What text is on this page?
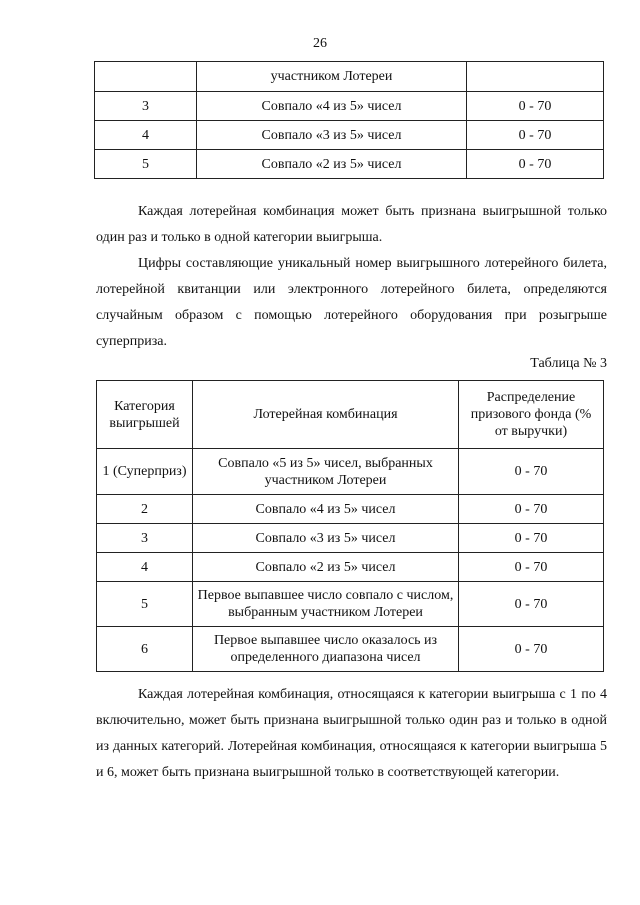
26
	участником Лотереи	
3	Совпало «4 из 5» чисел	0 - 70
4	Совпало «3 из 5» чисел	0 - 70
5	Совпало «2 из 5» чисел	0 - 70

Каждая лотерейная комбинация может быть признана выигрышной только один раз и только в одной категории выигрыша.

Цифры составляющие уникальный номер выигрышного лотерейного билета, лотерейной квитанции или электронного лотерейного билета, определяются случайным образом с помощью лотерейного оборудования при розыгрыше суперприза.

Таблица № 3
Категория выигрышей	Лотерейная комбинация	Распределение призового фонда (% от выручки)
1 (Суперприз)	Совпало «5 из 5» чисел, выбранных участником Лотереи	0 - 70
2	Совпало «4 из 5» чисел	0 - 70
3	Совпало «3 из 5» чисел	0 - 70
4	Совпало «2 из 5» чисел	0 - 70
5	Первое выпавшее число совпало с числом, выбранным участником Лотереи	0 - 70
6	Первое выпавшее число оказалось из определенного диапазона чисел	0 - 70

Каждая лотерейная комбинация, относящаяся к категории выигрыша с 1 по 4 включительно, может быть признана выигрышной только один раз и только в одной из данных категорий. Лотерейная комбинация, относящаяся к категории выигрыша 5 и 6, может быть признана выигрышной только в соответствующей категории.
